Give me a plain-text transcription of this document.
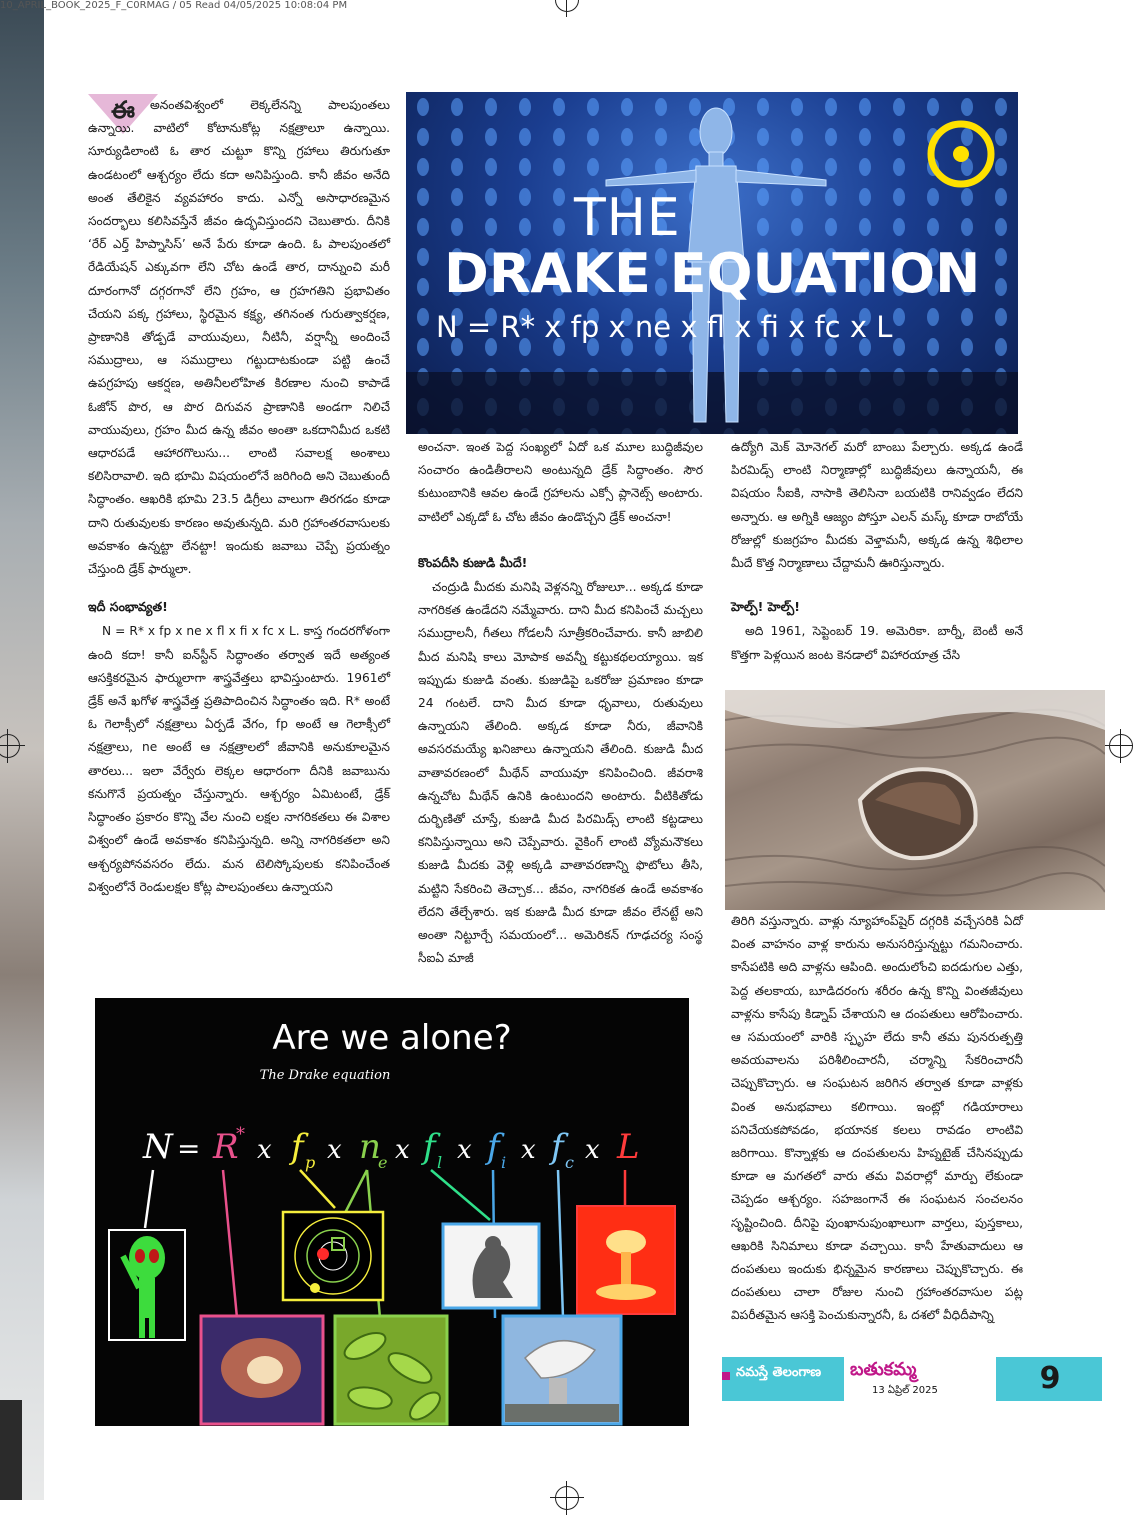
10_APRIL_BOOK_2025_F_C0RMAG / 05 Read 04/05/2025 10:08:04 PM
ఈ	అనంతవిశ్వంలో లెక్కలేనన్ని పాలపుంతలు ఉన్నాయి. వాటిలో కోటానుకోట్ల నక్షత్రాలూ ఉన్నాయి. సూర్యుడిలాంటి ఓ తార చుట్టూ కొన్ని గ్రహాలు తిరుగుతూ ఉండటంలో ఆశ్చర్యం లేదు కదా అనిపిస్తుంది. కానీ జీవం అనేది అంత తేలికైన వ్యవహారం కాదు. ఎన్నో అసాధారణమైన సందర్భాలు కలిసివస్తేనే జీవం ఉద్భవిస్తుందని చెబుతారు. దీనికి ‘రేర్ ఎర్త్ హిప్నాసిస్’ అనే పేరు కూడా ఉంది. ఓ పాలపుంతలో రేడియేషన్ ఎక్కువగా లేని చోట ఉండే తార, దాన్నుంచి మరీ దూరంగానో దగ్గరగానో లేని గ్రహం, ఆ గ్రహగతిని ప్రభావితం చేయని పక్క గ్రహాలు, స్థిరమైన కక్ష్య, తగినంత గురుత్వాకర్షణ, ప్రాణానికి తోడ్పడే వాయువులు, నీటినీ, వర్షాన్నీ అందించే సముద్రాలు, ఆ సముద్రాలు గట్టుదాటకుండా పట్టి ఉంచే ఉపగ్రహపు ఆకర్షణ, అతినీలలోహిత కిరణాల నుంచి కాపాడే ఓజోన్ పొర, ఆ పొర దిగువన ప్రాణానికి అండగా నిలిచే వాయువులు, గ్రహం మీద ఉన్న జీవం అంతా ఒకదానిమీద ఒకటి ఆధారపడే ఆహారగొలుసు... లాంటి సవాలక్ష అంశాలు కలిసిరావాలి. ఇది భూమి విషయంలోనే జరిగింది అని చెబుతుందీ సిద్ధాంతం. ఆఖరికి భూమి 23.5 డిగ్రీలు వాలుగా తిరగడం కూడా దాని రుతువులకు కారణం అవుతున్నది. మరి గ్రహాంతరవాసులకు అవకాశం ఉన్నట్టా లేనట్టా! ఇందుకు జవాబు చెప్పే ప్రయత్నం చేస్తుంది డ్రేక్ ఫార్ములా.

ఇదీ సంభావ్యత!

N = R* x fp x ne x fl x fi x fc x L. కాస్త గందరగోళంగా ఉంది కదా! కానీ ఐన్‌స్టీన్ సిద్ధాంతం తర్వాత ఇదే అత్యంత ఆసక్తికరమైన ఫార్ములాగా శాస్త్రవేత్తలు భావిస్తుంటారు. 1961లో డ్రేక్ అనే ఖగోళ శాస్త్రవేత్త ప్రతిపాదించిన సిద్ధాంతం ఇది. R* అంటే ఓ గెలాక్సీలో నక్షత్రాలు ఏర్పడే వేగం, fp అంటే ఆ గెలాక్సీలో నక్షత్రాలు, ne అంటే ఆ నక్షత్రాలలో జీవానికి అనుకూలమైన తారలు... ఇలా వేర్వేరు లెక్కల ఆధారంగా దీనికి జవాబును కనుగొనే ప్రయత్నం చేస్తున్నారు. ఆశ్చర్యం ఏమిటంటే, డ్రేక్ సిద్ధాంతం ప్రకారం కొన్ని వేల నుంచి లక్షల నాగరికతలు ఈ విశాల విశ్వంలో ఉండే అవకాశం కనిపిస్తున్నది. అన్ని నాగరికతలా అని ఆశ్చర్యపోనవసరం లేదు. మన టెలిస్కోపులకు కనిపించేంత విశ్వంలోనే రెండులక్షల కోట్ల పాలపుంతలు ఉన్నాయని

THE
DRAKE EQUATION
N = R* x fp x ne x fl x fi x fc x L

అంచనా. ఇంత పెద్ద సంఖ్యలో ఏదో ఒక మూల బుద్ధిజీవుల సంచారం ఉండితీరాలని అంటున్నది డ్రేక్ సిద్ధాంతం. సౌర కుటుంబానికి ఆవల ఉండే గ్రహాలను ఎక్సో ప్లానెట్స్ అంటారు. వాటిలో ఎక్కడో ఓ చోట జీవం ఉండొచ్చని డ్రేక్ అంచనా!

కొంపదీసి కుజుడి మీదే!

చంద్రుడి మీదకు మనిషి వెళ్లనన్ని రోజులూ... అక్కడ కూడా నాగరికత ఉండేదని నమ్మేవారు. దాని మీద కనిపించే మచ్చలు సముద్రాలనీ, గీతలు గోడలనీ సూత్రీకరించేవారు. కానీ జాబిలి మీద మనిషి కాలు మోపాక అవన్నీ కట్టుకథలయ్యాయి. ఇక ఇప్పుడు కుజుడి వంతు. కుజుడిపై ఒకరోజు ప్రమాణం కూడా 24 గంటలే. దాని మీద కూడా ధృవాలు, రుతువులు ఉన్నాయని తేలింది. అక్కడ కూడా నీరు, జీవానికి అవసరమయ్యే ఖనిజాలు ఉన్నాయని తేలింది. కుజుడి మీద వాతావరణంలో మీథేన్ వాయువూ కనిపించింది. జీవరాశి ఉన్నచోట మీథేన్ ఉనికి ఉంటుందని అంటారు. వీటికితోడు దుర్భిణితో చూస్తే, కుజుడి మీద పిరమిడ్స్ లాంటి కట్టడాలు కనిపిస్తున్నాయి అని చెప్పేవారు. వైకింగ్ లాంటి వ్యోమనౌకలు కుజుడి మీదకు వెళ్లి అక్కడి వాతావరణాన్ని ఫొటోలు తీసి, మట్టిని సేకరించి తెచ్చాక... జీవం, నాగరికత ఉండే అవకాశం లేదని తేల్చేశారు. ఇక కుజుడి మీద కూడా జీవం లేనట్టే అని అంతా నిట్టూర్చే సమయంలో... అమెరికన్ గూఢచర్య సంస్థ సీఐఏ మాజీ

ఉద్యోగి మెక్ మోనెగల్ మరో బాంబు పేల్చారు. అక్కడ ఉండే పిరమిడ్స్ లాంటి నిర్మాణాల్లో బుద్ధిజీవులు ఉన్నాయనీ, ఈ విషయం సీఐకి, నాసాకి తెలిసినా బయటికి రానివ్వడం లేదని అన్నారు. ఆ అగ్నికి ఆజ్యం పోస్తూ ఎలన్ మస్క్ కూడా రాబోయే రోజుల్లో కుజగ్రహం మీదకు వెళ్తామనీ, అక్కడ ఉన్న శిథిలాల మీదే కొత్త నిర్మాణాలు చేద్దామనీ ఊరిస్తున్నారు.

హెల్ప్! హెల్ప్!

అది 1961, సెప్టెంబర్ 19. అమెరికా. బార్నీ, బెంటీ అనే కొత్తగా పెళ్లయిన జంట కెనడాలో విహారయాత్ర చేసి

తిరిగి వస్తున్నారు. వాళ్లు న్యూహాంప్‌షైర్ దగ్గరికి వచ్చేసరికి ఏదో వింత వాహనం వాళ్ల కారును అనుసరిస్తున్నట్టు గమనించారు. కాసేపటికి అది వాళ్లను ఆపింది. అందులోంచి ఐదడుగుల ఎత్తు, పెద్ద తలకాయ, బూడిదరంగు శరీరం ఉన్న కొన్ని వింతజీవులు వాళ్లను కాసేపు కిడ్నాప్ చేశాయని ఆ దంపతులు ఆరోపించారు. ఆ సమయంలో వారికి స్పృహ లేదు కానీ తమ పునరుత్పత్తి అవయవాలను పరిశీలించారనీ, చర్మాన్ని సేకరించారనీ చెప్పుకొచ్చారు. ఆ సంఘటన జరిగిన తర్వాత కూడా వాళ్లకు వింత అనుభవాలు కలిగాయి. ఇంట్లో గడియారాలు పనిచేయకపోవడం, భయానక కలలు రావడం లాంటివి జరిగాయి. కొన్నాళ్లకు ఆ దంపతులను హిప్నటైజ్ చేసినప్పుడు కూడా ఆ మగతలో వారు తమ వివరాల్లో మార్పు లేకుండా చెప్పడం ఆశ్చర్యం. సహజంగానే ఈ సంఘటన సంచలనం సృష్టించింది. దీనిపై పుంఖానుపుంఖాలుగా వార్తలు, పుస్తకాలు, ఆఖరికి సినిమాలు కూడా వచ్చాయి. కానీ హేతువాదులు ఆ దంపతులు ఇందుకు భిన్నమైన కారణాలు చెప్పుకొచ్చారు. ఈ దంపతులు చాలా రోజుల నుంచి గ్రహాంతరవాసుల పట్ల విపరీతమైన ఆసక్తి పెంచుకున్నారనీ, ఓ దశలో వీధిదీపాన్ని

Are we alone?
The Drake equation
N = R
*
x f p x n
e x f l x f i x f c x L
నమస్తే తెలంగాణ బతుకమ్మ
13 ఏప్రిల్ 2025	9
